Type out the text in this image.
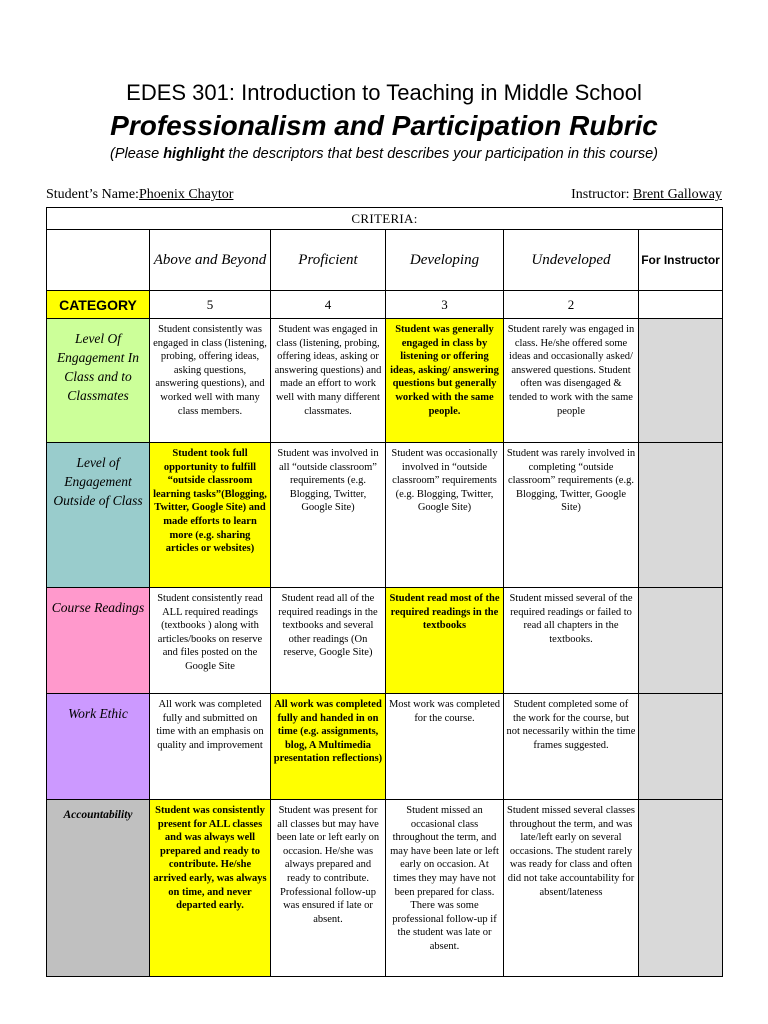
EDES 301: Introduction to Teaching in Middle School
Professionalism and Participation Rubric
(Please highlight the descriptors that best describes your participation in this course)
Student’s Name:Phoenix Chaytor	Instructor: Brent Galloway
CRITERIA:					
	Above and Beyond	Proficient	Developing	Undeveloped	For Instructor
CATEGORY	5	4	3	2	
Level Of Engagement In Class and to Classmates	Student consistently was engaged in class (listening, probing, offering ideas, asking questions, answering questions), and worked well with many class members.	Student was engaged in class (listening, probing, offering ideas, asking or answering questions) and made an effort to work well with many different classmates.	Student was generally engaged in class by listening or offering ideas, asking/ answering questions but generally worked with the same people.	Student rarely was engaged in class. He/she offered some ideas and occasionally asked/ answered questions. Student often was disengaged & tended to work with the same people	
Level of Engagement Outside of Class	Student took full opportunity to fulfill “outside classroom learning tasks”(Blogging, Twitter, Google Site) and made efforts to learn more (e.g. sharing articles or websites)	Student was involved in all “outside classroom” requirements (e.g. Blogging, Twitter, Google Site)	Student was occasionally involved in “outside classroom” requirements (e.g. Blogging, Twitter, Google Site)	Student was rarely involved in completing “outside classroom” requirements (e.g. Blogging, Twitter, Google Site)	
Course Readings	Student consistently read ALL required readings (textbooks ) along with articles/books on reserve and files posted on the Google Site	Student read all of the required readings in the textbooks and several other readings (On reserve, Google Site)	Student read most of the required readings in the textbooks	Student missed several of the required readings or failed to read all chapters in the textbooks.	
Work Ethic	All work was completed fully and submitted on time with an emphasis on quality and improvement	All work was completed fully and handed in on time (e.g. assignments, blog, A Multimedia presentation reflections)	Most work was completed for the course.	Student completed some of the work for the course, but not necessarily within the time frames suggested.	
Accountability	Student was consistently present for ALL classes and was always well prepared and ready to contribute. He/she arrived early, was always on time, and never departed early.	Student was present for all classes but may have been late or left early on occasion. He/she was always prepared and ready to contribute. Professional follow-up was ensured if late or absent.	Student missed an occasional class throughout the term, and may have been late or left early on occasion. At times they may have not been prepared for class. There was some professional follow-up if the student was late or absent.	Student missed several classes throughout the term, and was late/left early on several occasions. The student rarely was ready for class and often did not take accountability for absent/lateness	
